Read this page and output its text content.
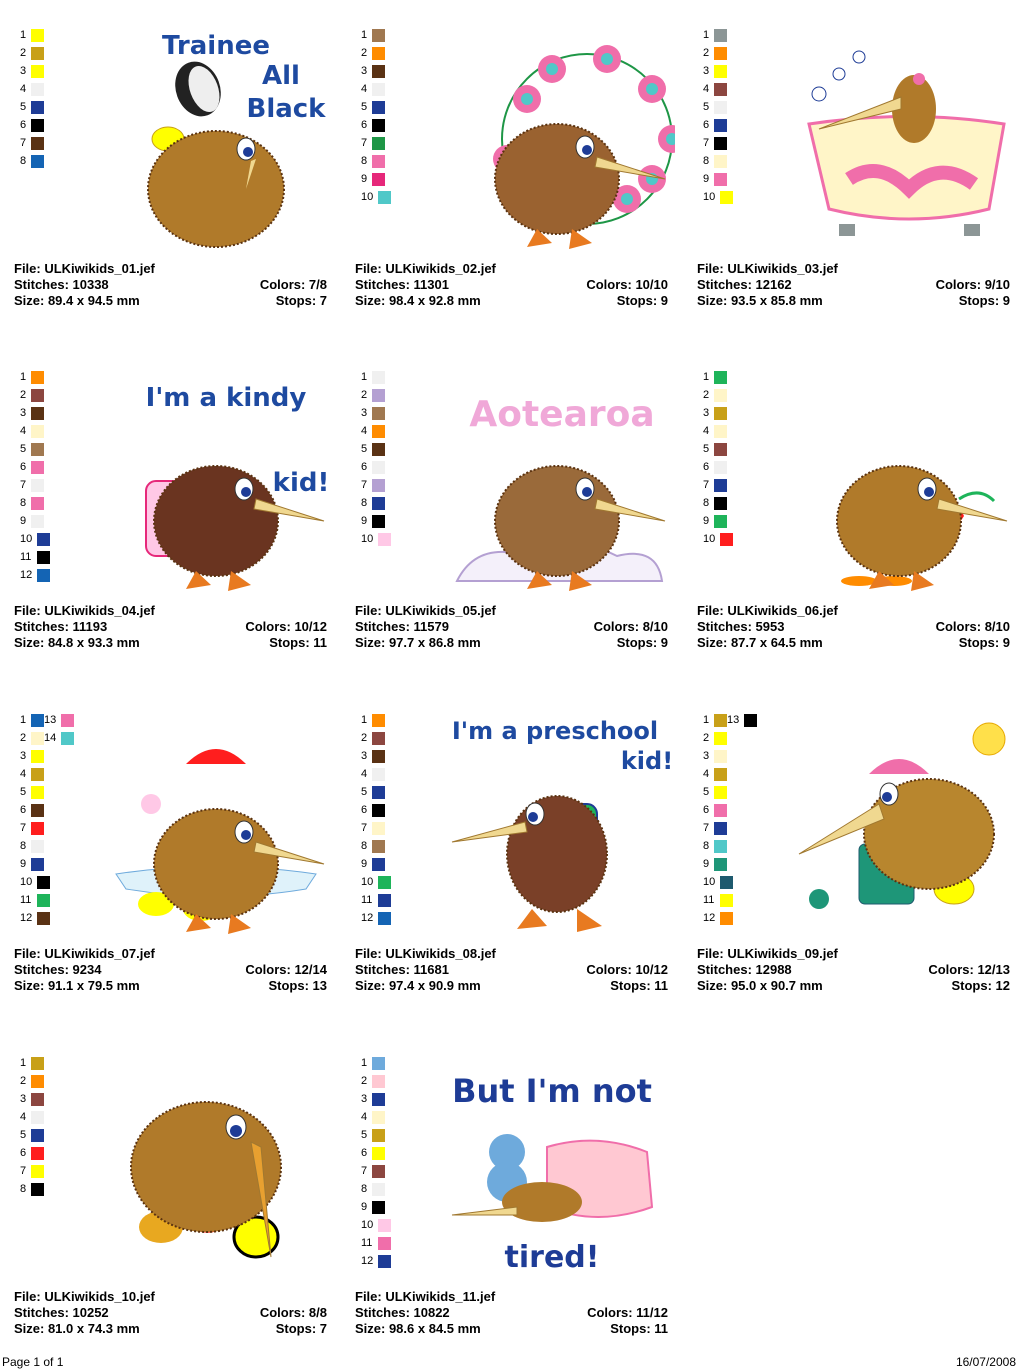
1
2
3
4
5
6
7
8
Trainee
All
Black
File: ULKiwikids_01.jef
Stitches: 10338	Colors: 7/8
Size: 89.4 x 94.5 mm	Stops: 7
1
2
3
4
5
6
7
8
9
10
File: ULKiwikids_02.jef
Stitches: 11301	Colors: 10/10
Size: 98.4 x 92.8 mm	Stops: 9
1
2
3
4
5
6
7
8
9
10
File: ULKiwikids_03.jef
Stitches: 12162	Colors: 9/10
Size: 93.5 x 85.8 mm	Stops: 9
1
2
3
4
5
6
7
8
9
10
11
12
I'm a kindy
kid!
File: ULKiwikids_04.jef
Stitches: 11193	Colors: 10/12
Size: 84.8 x 93.3 mm	Stops: 11
1
2
3
4
5
6
7
8
9
10
Aotearoa
File: ULKiwikids_05.jef
Stitches: 11579	Colors: 8/10
Size: 97.7 x 86.8 mm	Stops: 9
1
2
3
4
5
6
7
8
9
10
File: ULKiwikids_06.jef
Stitches: 5953	Colors: 8/10
Size: 87.7 x 64.5 mm	Stops: 9
1
2
3
4
5
6
7
8
9
10
11
12
13
14
File: ULKiwikids_07.jef
Stitches: 9234	Colors: 12/14
Size: 91.1 x 79.5 mm	Stops: 13
1
2
3
4
5
6
7
8
9
10
11
12
I'm a preschool
kid!
File: ULKiwikids_08.jef
Stitches: 11681	Colors: 10/12
Size: 97.4 x 90.9 mm	Stops: 11
1
2
3
4
5
6
7
8
9
10
11
12
13
File: ULKiwikids_09.jef
Stitches: 12988	Colors: 12/13
Size: 95.0 x 90.7 mm	Stops: 12
1
2
3
4
5
6
7
8
File: ULKiwikids_10.jef
Stitches: 10252	Colors: 8/8
Size: 81.0 x 74.3 mm	Stops: 7
1
2
3
4
5
6
7
8
9
10
11
12
But I'm not
tired!
File: ULKiwikids_11.jef
Stitches: 10822	Colors: 11/12
Size: 98.6 x 84.5 mm	Stops: 11
Page 1 of 1	16/07/2008
